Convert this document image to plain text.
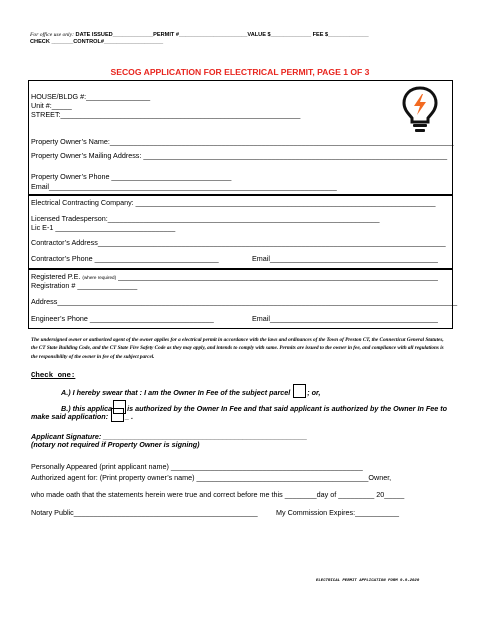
For office use only: DATE ISSUED_____________PERMIT #______________________VALUE $_____________ FEE $_____________
CHECK _______CONTROL#___________________
SECOG APPLICATION FOR ELECTRICAL PERMIT, PAGE 1 OF 3
HOUSE/BLDG #:________________
Unit #:_____
STREET:____________________________________________________________
Property Owner’s Name:______________________________________________________________________________________
Property Owner’s Mailing Address: ____________________________________________________________________________
Property Owner’s Phone ______________________________
Email________________________________________________________________________
Electrical Contracting Company: ___________________________________________________________________________
Licensed Tradesperson:____________________________________________________________________
Lic E-1 ______________________________
Contractor’s Address_______________________________________________________________________________________
Contractor’s Phone _______________________________	Email__________________________________________
Registered P.E. (where required) ________________________________________________________________________________
Registration # _______________
Address____________________________________________________________________________________________________
Engineer’s Phone _______________________________	Email__________________________________________
The undersigned owner or authorized agent of the owner applies for a electrical permit in accordance with the laws and ordinances of the Town of Preston CT, the Connecticut General Statutes, the CT State Building Code, and the CT State Fire Safety Code as they may apply, and intends to comply with same. Permits are issued to the owner in fee, and compliance with all regulations is the responsibility of the owner in fee of the subject parcel.
Check one:
A.) I hereby swear that : I am the Owner In Fee of the subject parcel ; or,
B.) this applica is authorized by the Owner In Fee and that said applicant is authorized by the Owner In Fee to
make said application: _ .
Applicant Signature: ___________________________________________________
(notary not required if Property Owner is signing)
Personally Appeared (print applicant name) ________________________________________________
Authorized agent for: (Print property owner’s name) ___________________________________________Owner,
who made oath that the statements herein were true and correct before me this ________day of _________ 20_____
Notary Public______________________________________________	My Commission Expires:___________
ELECTRICAL PERMIT APPLICATION FORM 9-9-2020
